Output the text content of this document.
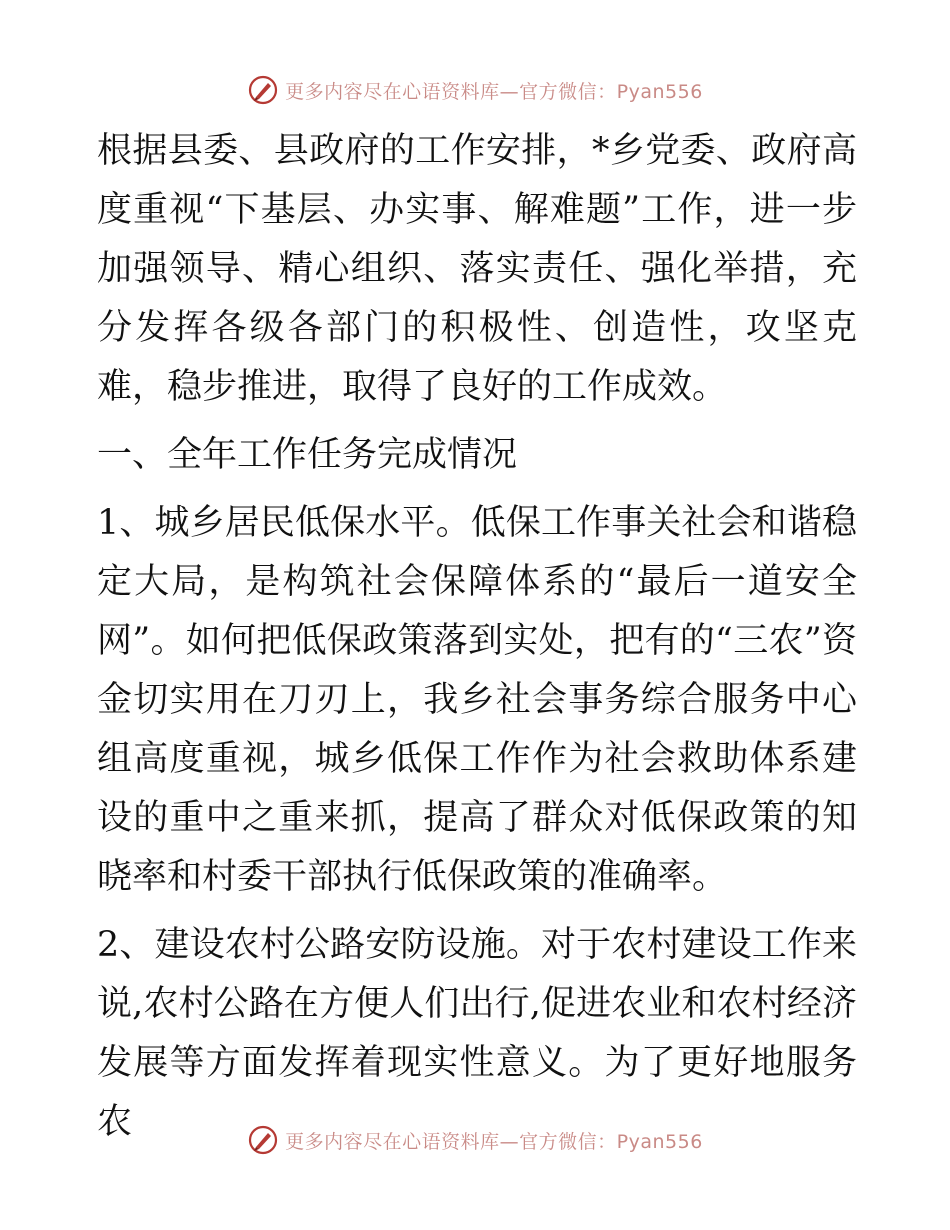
更多内容尽在心语资料库—官方微信：Pyan556

根据县委、县政府的工作安排，*乡党委、政府高度重视“下基层、办实事、解难题”工作，进一步加强领导、精心组织、落实责任、强化举措，充分发挥各级各部门的积极性、创造性，攻坚克难，稳步推进，取得了良好的工作成效。

一、全年工作任务完成情况

1、城乡居民低保水平。低保工作事关社会和谐稳定大局，是构筑社会保障体系的“最后一道安全网”。如何把低保政策落到实处，把有的“三农”资金切实用在刀刃上，我乡社会事务综合服务中心组高度重视，城乡低保工作作为社会救助体系建设的重中之重来抓，提高了群众对低保政策的知晓率和村委干部执行低保政策的准确率。

2、建设农村公路安防设施。对于农村建设工作来说,农村公路在方便人们出行,促进农业和农村经济发展等方面发挥着现实性意义。为了更好地服务农	更多内容尽在心语资料库—官方微信：Pyan556
